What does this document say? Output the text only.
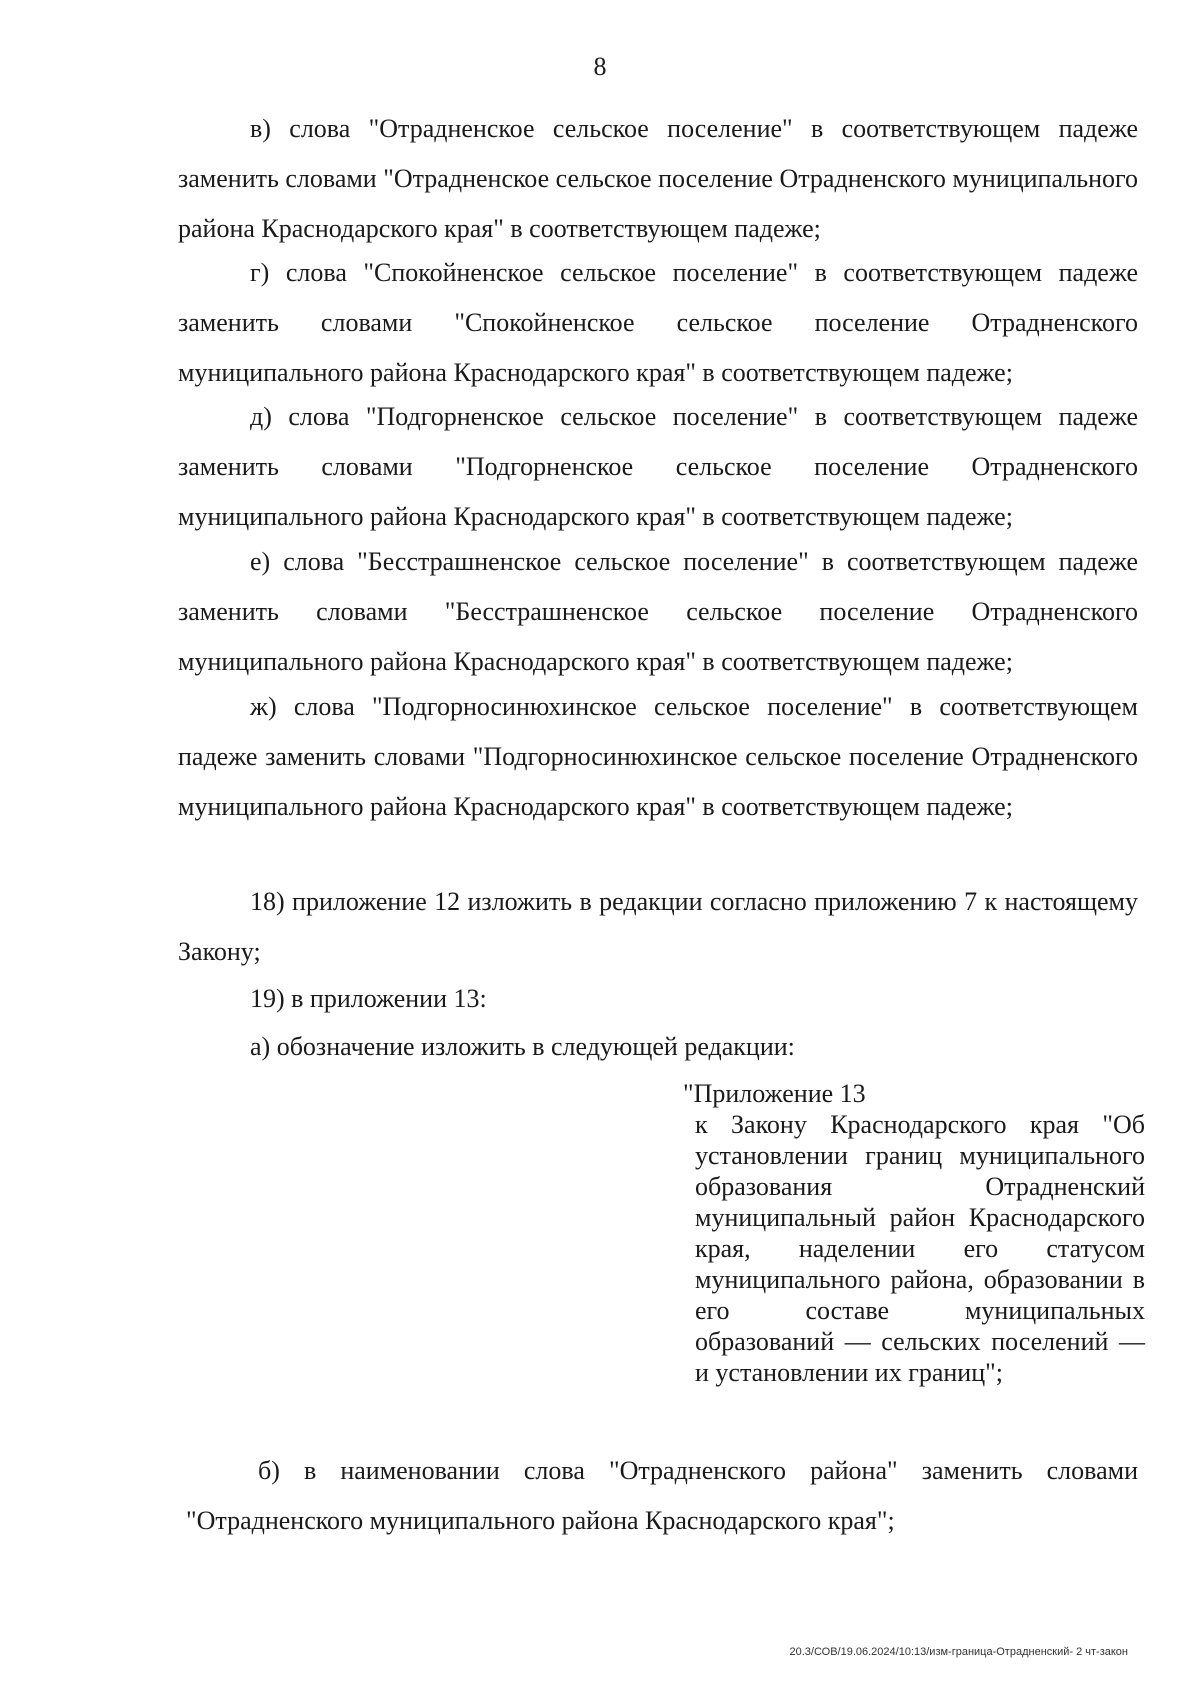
8

в) слова "Отрадненское сельское поселение" в соответствующем падеже заменить словами "Отрадненское сельское поселение Отрадненского муниципального района Краснодарского края" в соответствующем падеже;

г) слова "Спокойненское сельское поселение" в соответствующем падеже заменить словами "Спокойненское сельское поселение Отрадненского муниципального района Краснодарского края" в соответствующем падеже;

д) слова "Подгорненское сельское поселение" в соответствующем падеже заменить словами "Подгорненское сельское поселение Отрадненского муниципального района Краснодарского края" в соответствующем падеже;

е) слова "Бесстрашненское сельское поселение" в соответствующем падеже заменить словами "Бесстрашненское сельское поселение Отрадненского муниципального района Краснодарского края" в соответствующем падеже;

ж) слова "Подгорносинюхинское сельское поселение" в соответствующем падеже заменить словами "Подгорносинюхинское сельское поселение Отрадненского муниципального района Краснодарского края" в соответствующем падеже;

18) приложение 12 изложить в редакции согласно приложению 7 к настоящему Закону;

19) в приложении 13:

а) обозначение изложить в следующей редакции:

"Приложение 13
к Закону Краснодарского края "Об установлении границ муниципального образования Отрадненский муниципальный район Краснодарского края, наделении его статусом муниципального района, образовании в его составе муниципальных образований — сельских поселений — и установлении их границ";

б) в наименовании слова "Отрадненского района" заменить словами "Отрадненского муниципального района Краснодарского края";

20.3/СОВ/19.06.2024/10:13/изм-граница-Отрадненский- 2 чт-закон
